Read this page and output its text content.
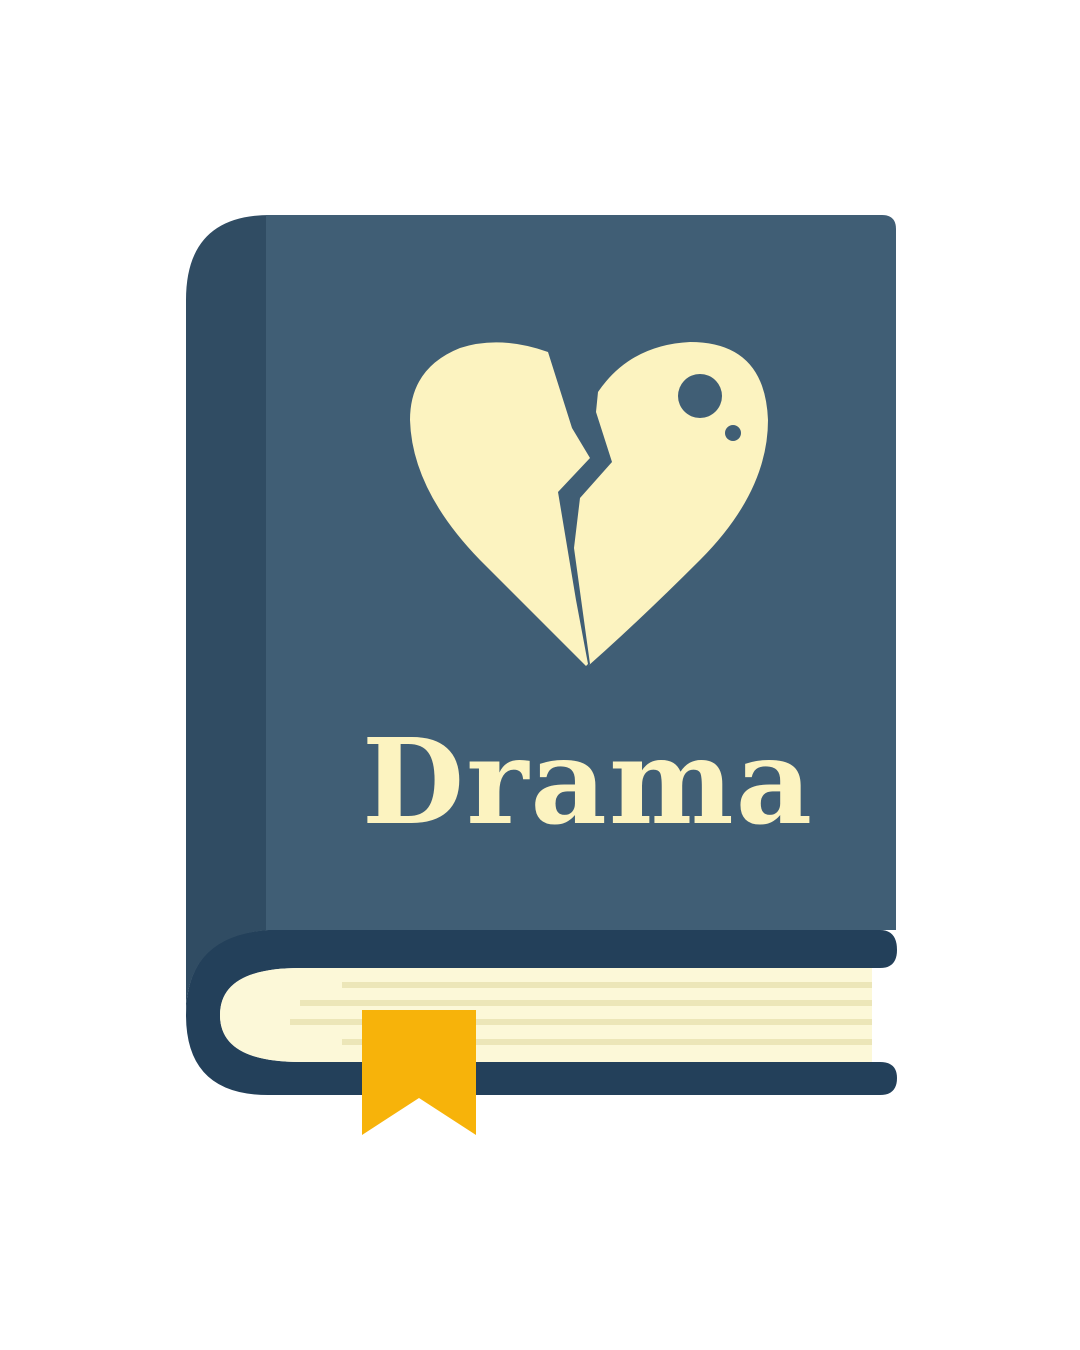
Drama
